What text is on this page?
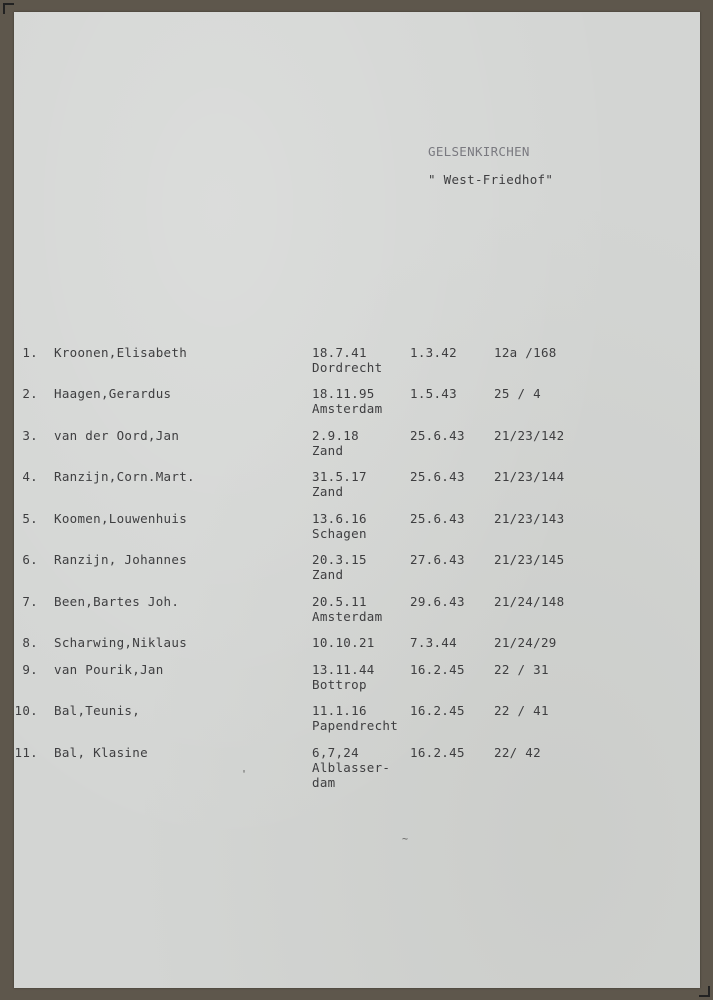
GELSENKIRCHEN
" West-Friedhof"
1. Kroonen,Elisabeth	18.7.41	1.3.42	12a /168
Dordrecht
2. Haagen,Gerardus	18.11.95	1.5.43	25 / 4
Amsterdam
3. van der Oord,Jan	2.9.18	25.6.43 21/23/142
Zand
4. Ranzijn,Corn.Mart.	31.5.17	25.6.43 21/23/144
Zand
5. Koomen,Louwenhuis	13.6.16	25.6.43 21/23/143
Schagen
6. Ranzijn, Johannes	20.3.15	27.6.43 21/23/145
Zand
7. Been,Bartes Joh.	20.5.11	29.6.43 21/24/148
Amsterdam
8. Scharwing,Niklaus	10.10.21	7.3.44	21/24/29
9. van Pourik,Jan	13.11.44	16.2.45 22 / 31
Bottrop
10. Bal,Teunis,	11.1.16	16.2.45 22 / 41
Papendrecht
11. Bal, Klasine	6,7,24	16.2.45 22/ 42
Alblasser-
dam
'
~
